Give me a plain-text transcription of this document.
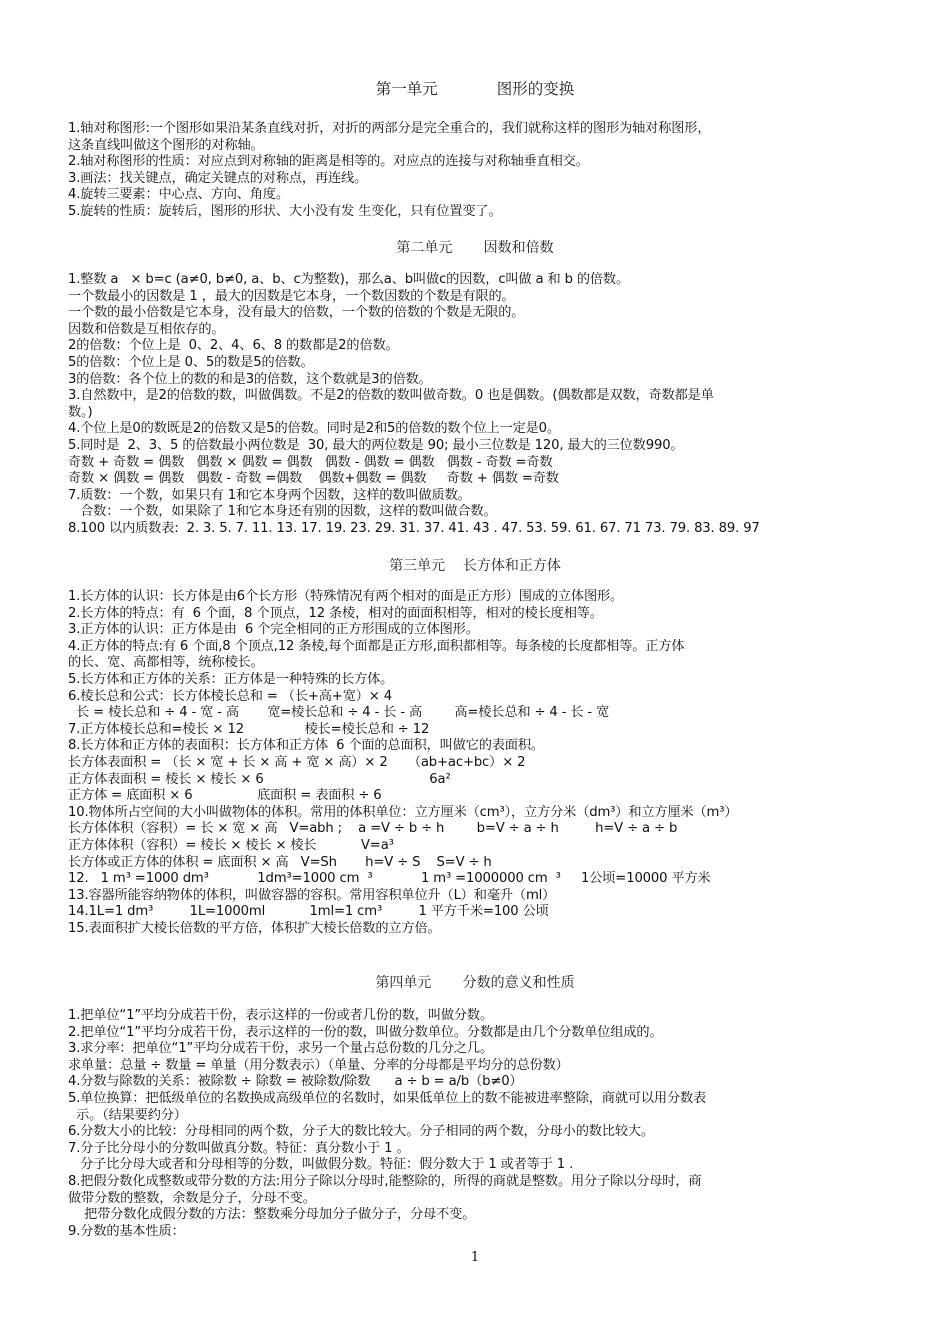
第一单元            图形的变换
1.轴对称图形:一个图形如果沿某条直线对折，对折的两部分是完全重合的，我们就称这样的图形为轴对称图形，
这条直线叫做这个图形的对称轴。
2.轴对称图形的性质：对应点到对称轴的距离是相等的。对应点的连接与对称轴垂直相交。
3.画法：找关键点，确定关键点的对称点，再连线。
4.旋转三要素：中心点、方向、角度。
5.旋转的性质：旋转后，图形的形状、大小没有发 生变化，只有位置变了。
第二单元       因数和倍数
1.整数 a   × b=c (a≠0, b≠0, a、b、c为整数)，那么a、b叫做c的因数，c叫做 a 和 b 的倍数。
一个数最小的因数是 1 ，最大的因数是它本身，一个数因数的个数是有限的。
一个数的最小倍数是它本身，没有最大的倍数，一个数的倍数的个数是无限的。
因数和倍数是互相依存的。
2的倍数：个位上是  0、2、4、6、8 的数都是2的倍数。
5的倍数：个位上是 0、5的数是5的倍数。
3的倍数：各个位上的数的和是3的倍数，这个数就是3的倍数。
3.自然数中，是2的倍数的数，叫做偶数。不是2的倍数的数叫做奇数。0 也是偶数。(偶数都是双数，奇数都是单
数。)
4.个位上是0的数既是2的倍数又是5的倍数。同时是2和5的倍数的数个位上一定是0。
5.同时是  2、3、5 的倍数最小两位数是  30, 最大的两位数是 90; 最小三位数是 120, 最大的三位数990。
奇数 + 奇数 = 偶数   偶数 × 偶数 = 偶数   偶数 - 偶数 = 偶数   偶数 - 奇数 =奇数
奇数 × 偶数 = 偶数   偶数 - 奇数 =偶数    偶数+偶数 = 偶数     奇数 + 偶数 =奇数
7.质数：一个数，如果只有 1和它本身两个因数，这样的数叫做质数。
合数：一个数，如果除了 1和它本身还有别的因数，这样的数叫做合数。
8.100 以内质数表:  2. 3. 5. 7. 11. 13. 17. 19. 23. 29. 31. 37. 41. 43 . 47. 53. 59. 61. 67. 71 73. 79. 83. 89. 97
第三单元    长方体和正方体
1.长方体的认识：长方体是由6个长方形（特殊情况有两个相对的面是正方形）围成的立体图形。
2.长方体的特点：有  6 个面，8 个顶点，12 条棱，相对的面面积相等，相对的棱长度相等。
3.正方体的认识：正方体是由  6 个完全相同的正方形围成的立体图形。
4.正方体的特点:有 6 个面,8 个顶点,12 条棱,每个面都是正方形,面积都相等。每条棱的长度都相等。正方体
的长、宽、高都相等，统称棱长。
5.长方体和正方体的关系：正方体是一种特殊的长方体。
6.棱长总和公式：长方体棱长总和 = （长+高+宽）× 4
长 = 棱长总和 ÷ 4 - 宽 - 高       宽=棱长总和 ÷ 4 - 长 - 高        高=棱长总和 ÷ 4 - 长 - 宽
7.正方体棱长总和=棱长 × 12               棱长=棱长总和 ÷ 12
8.长方体和正方体的表面积：长方体和正方体  6 个面的总面积，叫做它的表面积。
长方体表面积 = （长 × 宽 + 长 × 高 + 宽 × 高）× 2     （ab+ac+bc）× 2
正方体表面积 = 棱长 × 棱长 × 6                                         6a²
正方体 = 底面积 × 6                底面积 = 表面积 ÷ 6
10.物体所占空间的大小叫做物体的体积。常用的体积单位：立方厘米（cm³），立方分米（dm³）和立方厘米（m³）
长方体体积（容积）= 长 × 宽 × 高   V=abh ;    a =V ÷ b ÷ h        b=V ÷ a ÷ h         h=V ÷ a ÷ b
正方体体积（容积）= 棱长 × 棱长 × 棱长           V=a³
长方体或正方体的体积 = 底面积 × 高   V=Sh       h=V ÷ S    S=V ÷ h
12.   1 m³ =1000 dm³            1dm³=1000 cm  ³            1 m³ =1000000 cm  ³     1公顷=10000 平方米
13.容器所能容纳物体的体积，叫做容器的容积。常用容积单位升（L）和毫升（ml）
14.1L=1 dm³         1L=1000ml           1ml=1 cm³         1 平方千米=100 公顷
15.表面积扩大棱长倍数的平方倍，体积扩大棱长倍数的立方倍。
第四单元       分数的意义和性质
1.把单位“1”平均分成若干份，表示这样的一份或者几份的数，叫做分数。
2.把单位“1”平均分成若干份，表示这样的一份的数，叫做分数单位。分数都是由几个分数单位组成的。
3.求分率：把单位“1”平均分成若干份，求另一个量占总份数的几分之几。
求单量：总量 ÷ 数量 = 单量（用分数表示）（单量、分率的分母都是平均分的总份数）
4.分数与除数的关系：被除数 ÷ 除数 = 被除数/除数      a ÷ b = a/b（b≠0）
5.单位换算：把低级单位的名数换成高级单位的名数时，如果低单位上的数不能被进率整除，商就可以用分数表
示。（结果要约分）
6.分数大小的比较：分母相同的两个数，分子大的数比较大。分子相同的两个数，分母小的数比较大。
7.分子比分母小的分数叫做真分数。特征：真分数小于 1 。
分子比分母大或者和分母相等的分数，叫做假分数。特征：假分数大于 1 或者等于 1 .
8.把假分数化成整数或带分数的方法:用分子除以分母时,能整除的，所得的商就是整数。用分子除以分母时，商
做带分数的整数，余数是分子，分母不变。
把带分数化成假分数的方法：整数乘分母加分子做分子，分母不变。
9.分数的基本性质：
1
